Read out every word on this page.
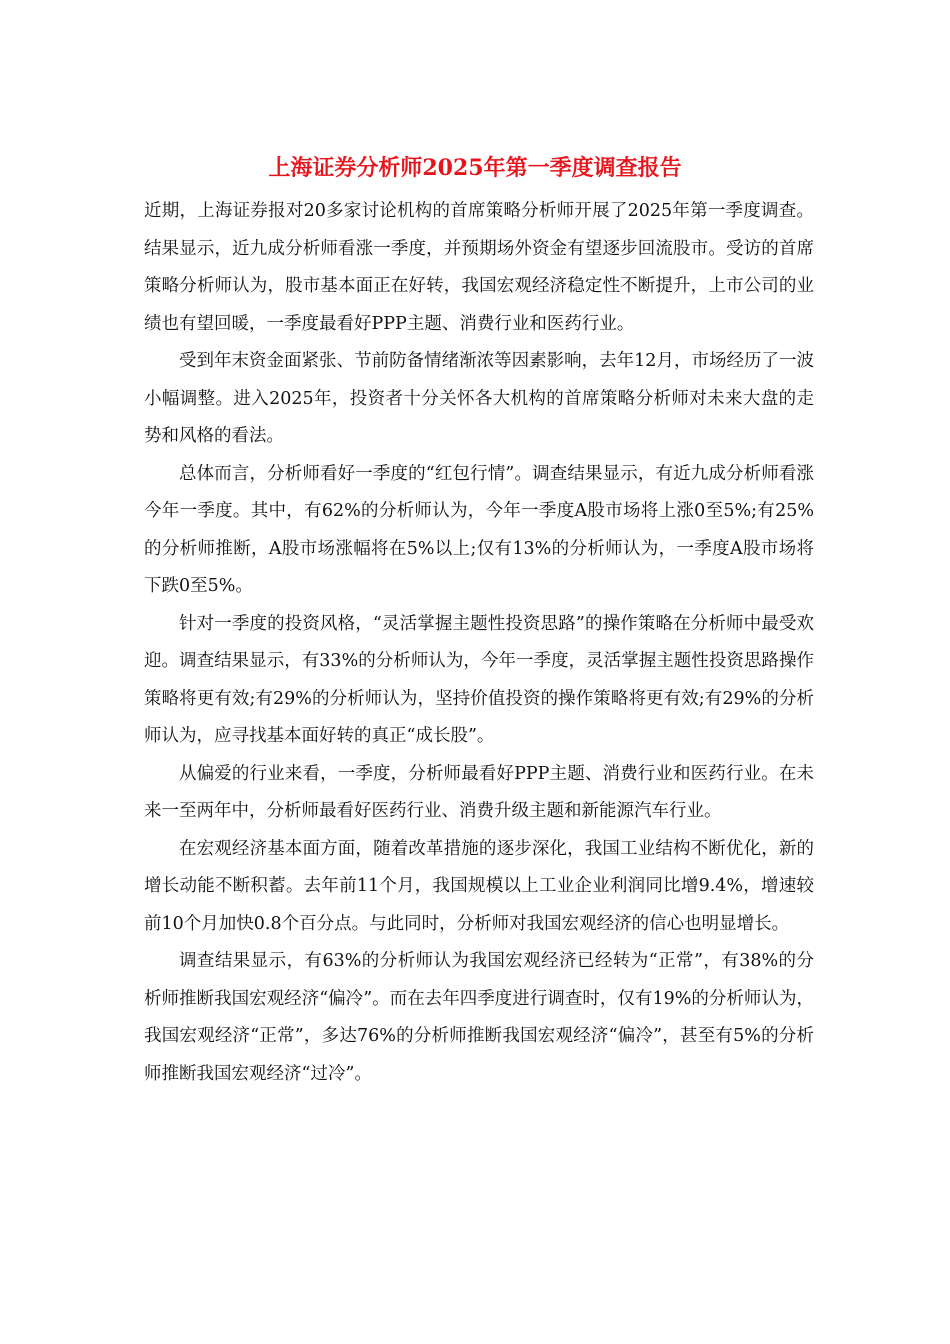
上海证券分析师2025年第一季度调查报告

近期，上海证券报对20多家讨论机构的首席策略分析师开展了2025年第一季度调查。结果显示，近九成分析师看涨一季度，并预期场外资金有望逐步回流股市。受访的首席策略分析师认为，股市基本面正在好转，我国宏观经济稳定性不断提升，上市公司的业绩也有望回暖，一季度最看好PPP主题、消费行业和医药行业。

受到年末资金面紧张、节前防备情绪渐浓等因素影响，去年12月，市场经历了一波小幅调整。进入2025年，投资者十分关怀各大机构的首席策略分析师对未来大盘的走势和风格的看法。

总体而言，分析师看好一季度的“红包行情”。调查结果显示，有近九成分析师看涨今年一季度。其中，有62%的分析师认为，今年一季度A股市场将上涨0至5%;有25%的分析师推断，A股市场涨幅将在5%以上;仅有13%的分析师认为，一季度A股市场将下跌0至5%。

针对一季度的投资风格，“灵活掌握主题性投资思路”的操作策略在分析师中最受欢迎。调查结果显示，有33%的分析师认为，今年一季度，灵活掌握主题性投资思路操作策略将更有效;有29%的分析师认为，坚持价值投资的操作策略将更有效;有29%的分析师认为，应寻找基本面好转的真正“成长股”。

从偏爱的行业来看，一季度，分析师最看好PPP主题、消费行业和医药行业。在未来一至两年中，分析师最看好医药行业、消费升级主题和新能源汽车行业。

在宏观经济基本面方面，随着改革措施的逐步深化，我国工业结构不断优化，新的增长动能不断积蓄。去年前11个月，我国规模以上工业企业利润同比增9.4%，增速较前10个月加快0.8个百分点。与此同时，分析师对我国宏观经济的信心也明显增长。

调查结果显示，有63%的分析师认为我国宏观经济已经转为“正常”，有38%的分析师推断我国宏观经济“偏冷”。而在去年四季度进行调查时，仅有19%的分析师认为，我国宏观经济“正常”，多达76%的分析师推断我国宏观经济“偏冷”，甚至有5%的分析师推断我国宏观经济“过冷”。
